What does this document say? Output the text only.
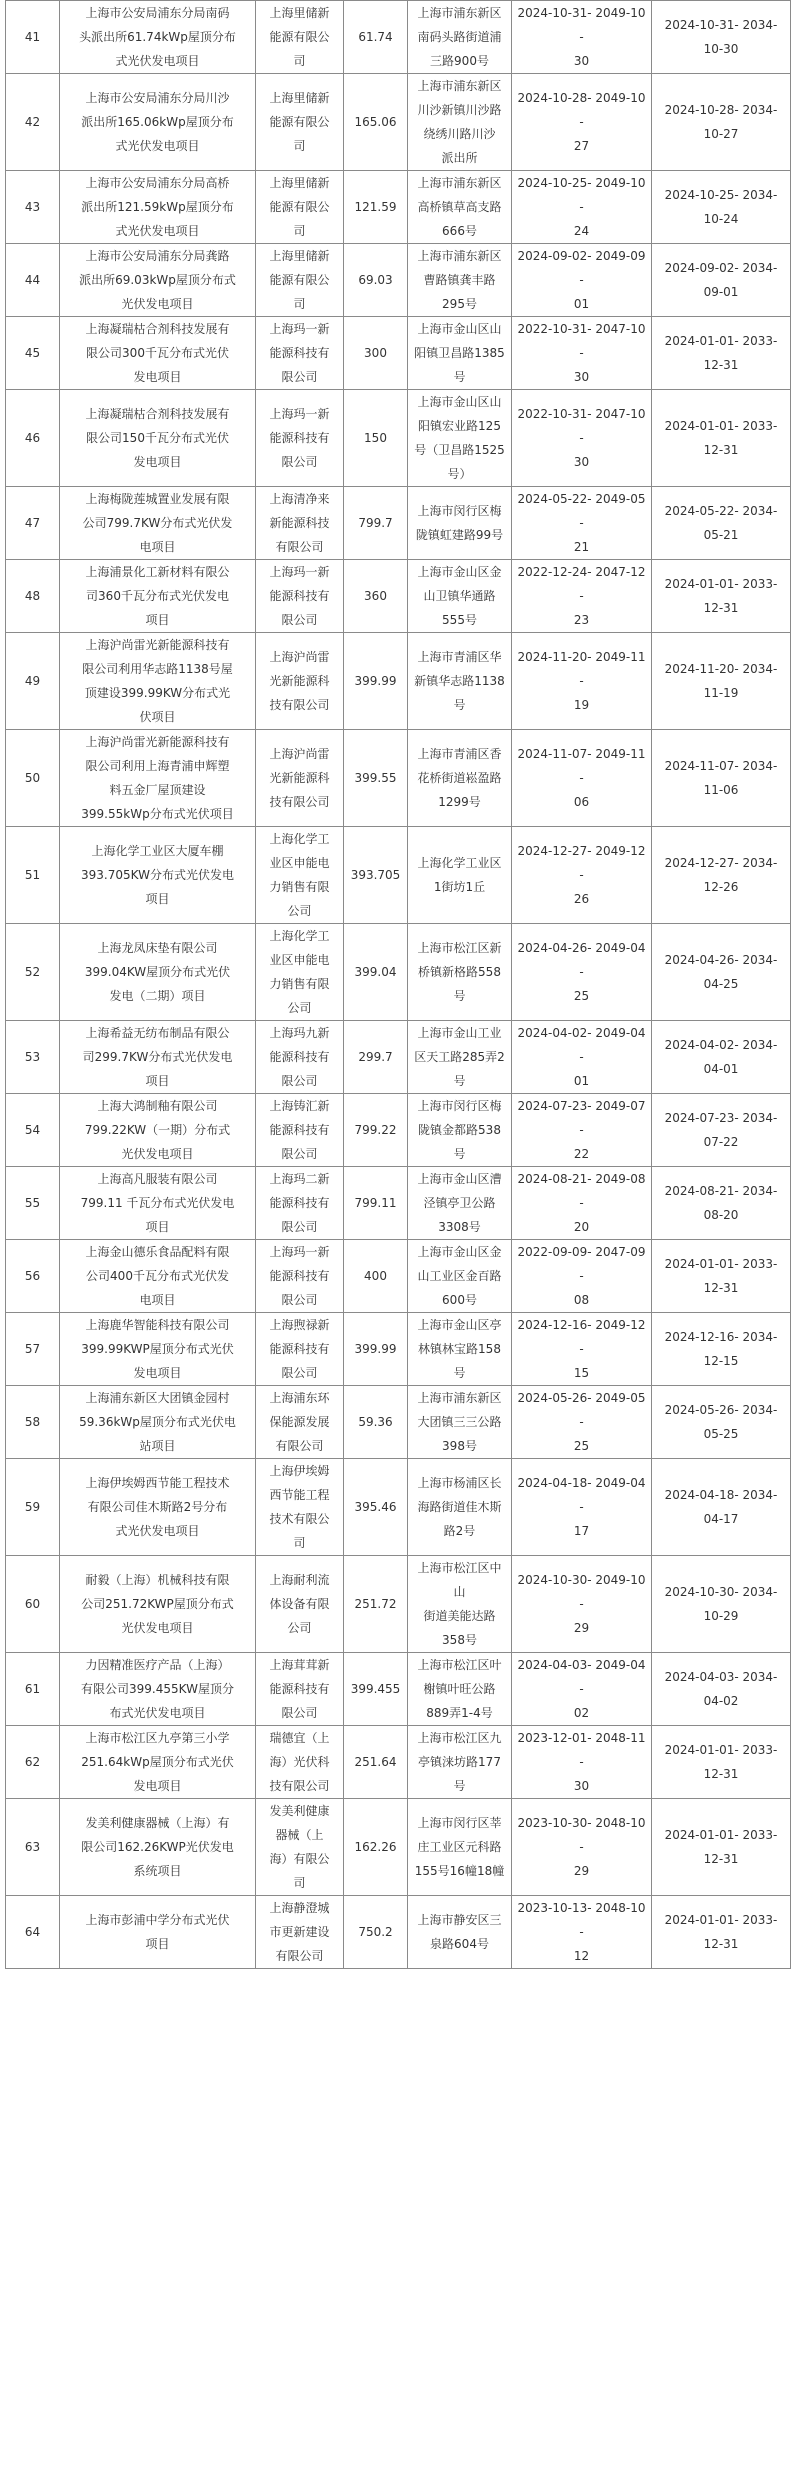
41	上海市公安局浦东分局南码
头派出所61.74kWp屋顶分布
式光伏发电项目	上海里储新
能源有限公
司	61.74	上海市浦东新区
南码头路街道浦
三路900号	2024-10-31- 2049-10-
30	2024-10-31- 2034-
10-30
42	上海市公安局浦东分局川沙
派出所165.06kWp屋顶分布
式光伏发电项目	上海里储新
能源有限公
司	165.06	上海市浦东新区
川沙新镇川沙路
绕绣川路川沙
派出所	2024-10-28- 2049-10-
27	2024-10-28- 2034-
10-27
43	上海市公安局浦东分局高桥
派出所121.59kWp屋顶分布
式光伏发电项目	上海里储新
能源有限公
司	121.59	上海市浦东新区
高桥镇草高支路
666号	2024-10-25- 2049-10-
24	2024-10-25- 2034-
10-24
44	上海市公安局浦东分局龚路
派出所69.03kWp屋顶分布式
光伏发电项目	上海里储新
能源有限公
司	69.03	上海市浦东新区
曹路镇龚丰路
295号	2024-09-02- 2049-09-
01	2024-09-02- 2034-
09-01
45	上海凝瑞枯合剂科技发展有
限公司300千瓦分布式光伏
发电项目	上海玛一新
能源科技有
限公司	300	上海市金山区山
阳镇卫昌路1385
号	2022-10-31- 2047-10-
30	2024-01-01- 2033-
12-31
46	上海凝瑞枯合剂科技发展有
限公司150千瓦分布式光伏
发电项目	上海玛一新
能源科技有
限公司	150	上海市金山区山
阳镇宏业路125
号（卫昌路1525
号）	2022-10-31- 2047-10-
30	2024-01-01- 2033-
12-31
47	上海梅陇莲城置业发展有限
公司799.7KW分布式光伏发
电项目	上海清净来
新能源科技
有限公司	799.7	上海市闵行区梅
陇镇虹建路99号	2024-05-22- 2049-05-
21	2024-05-22- 2034-
05-21
48	上海浦景化工新材料有限公
司360千瓦分布式光伏发电
项目	上海玛一新
能源科技有
限公司	360	上海市金山区金
山卫镇华通路
555号	2022-12-24- 2047-12-
23	2024-01-01- 2033-
12-31
49	上海沪尚雷光新能源科技有
限公司利用华志路1138号屋
顶建设399.99KW分布式光
伏项目	上海沪尚雷
光新能源科
技有限公司	399.99	上海市青浦区华
新镇华志路1138
号	2024-11-20- 2049-11-
19	2024-11-20- 2034-
11-19
50	上海沪尚雷光新能源科技有
限公司利用上海青浦申辉塑
料五金厂屋顶建设
399.55kWp分布式光伏项目	上海沪尚雷
光新能源科
技有限公司	399.55	上海市青浦区香
花桥街道崧盈路
1299号	2024-11-07- 2049-11-
06	2024-11-07- 2034-
11-06
51	上海化学工业区大厦车棚
393.705KW分布式光伏发电
项目	上海化学工
业区申能电
力销售有限
公司	393.705	上海化学工业区
1街坊1丘	2024-12-27- 2049-12-
26	2024-12-27- 2034-
12-26
52	上海龙凤床垫有限公司
399.04KW屋顶分布式光伏
发电（二期）项目	上海化学工
业区申能电
力销售有限
公司	399.04	上海市松江区新
桥镇新格路558
号	2024-04-26- 2049-04-
25	2024-04-26- 2034-
04-25
53	上海希益无纺布制品有限公
司299.7KW分布式光伏发电
项目	上海玛九新
能源科技有
限公司	299.7	上海市金山工业
区天工路285弄2
号	2024-04-02- 2049-04-
01	2024-04-02- 2034-
04-01
54	上海大鸿制釉有限公司
799.22KW（一期）分布式
光伏发电项目	上海铸汇新
能源科技有
限公司	799.22	上海市闵行区梅
陇镇金都路538
号	2024-07-23- 2049-07-
22	2024-07-23- 2034-
07-22
55	上海高凡服装有限公司
799.11 千瓦分布式光伏发电
项目	上海玛二新
能源科技有
限公司	799.11	上海市金山区漕
泾镇亭卫公路
3308号	2024-08-21- 2049-08-
20	2024-08-21- 2034-
08-20
56	上海金山德乐食品配料有限
公司400千瓦分布式光伏发
电项目	上海玛一新
能源科技有
限公司	400	上海市金山区金
山工业区金百路
600号	2022-09-09- 2047-09-
08	2024-01-01- 2033-
12-31
57	上海鹿华智能科技有限公司
399.99KWP屋顶分布式光伏
发电项目	上海煦禄新
能源科技有
限公司	399.99	上海市金山区亭
林镇林宝路158
号	2024-12-16- 2049-12-
15	2024-12-16- 2034-
12-15
58	上海浦东新区大团镇金园村
59.36kWp屋顶分布式光伏电
站项目	上海浦东环
保能源发展
有限公司	59.36	上海市浦东新区
大团镇三三公路
398号	2024-05-26- 2049-05-
25	2024-05-26- 2034-
05-25
59	上海伊埃姆西节能工程技术
有限公司佳木斯路2号分布
式光伏发电项目	上海伊埃姆
西节能工程
技术有限公
司	395.46	上海市杨浦区长
海路街道佳木斯
路2号	2024-04-18- 2049-04-
17	2024-04-18- 2034-
04-17
60	耐毅（上海）机械科技有限
公司251.72KWP屋顶分布式
光伏发电项目	上海耐利流
体设备有限
公司	251.72	上海市松江区中山
街道美能达路
358号	2024-10-30- 2049-10-
29	2024-10-30- 2034-
10-29
61	力因精准医疗产品（上海）
有限公司399.455KW屋顶分
布式光伏发电项目	上海茸茸新
能源科技有
限公司	399.455	上海市松江区叶
榭镇叶旺公路
889弄1-4号	2024-04-03- 2049-04-
02	2024-04-03- 2034-
04-02
62	上海市松江区九亭第三小学
251.64kWp屋顶分布式光伏
发电项目	瑞德宜（上
海）光伏科
技有限公司	251.64	上海市松江区九
亭镇涞坊路177
号	2023-12-01- 2048-11-
30	2024-01-01- 2033-
12-31
63	发美利健康器械（上海）有
限公司162.26KWP光伏发电
系统项目	发美利健康
器械（上
海）有限公
司	162.26	上海市闵行区莘
庄工业区元科路
155号16幢18幢	2023-10-30- 2048-10-
29	2024-01-01- 2033-
12-31
64	上海市彭浦中学分布式光伏
项目	上海静澄城
市更新建设
有限公司	750.2	上海市静安区三
泉路604号	2023-10-13- 2048-10-
12	2024-01-01- 2033-
12-31
